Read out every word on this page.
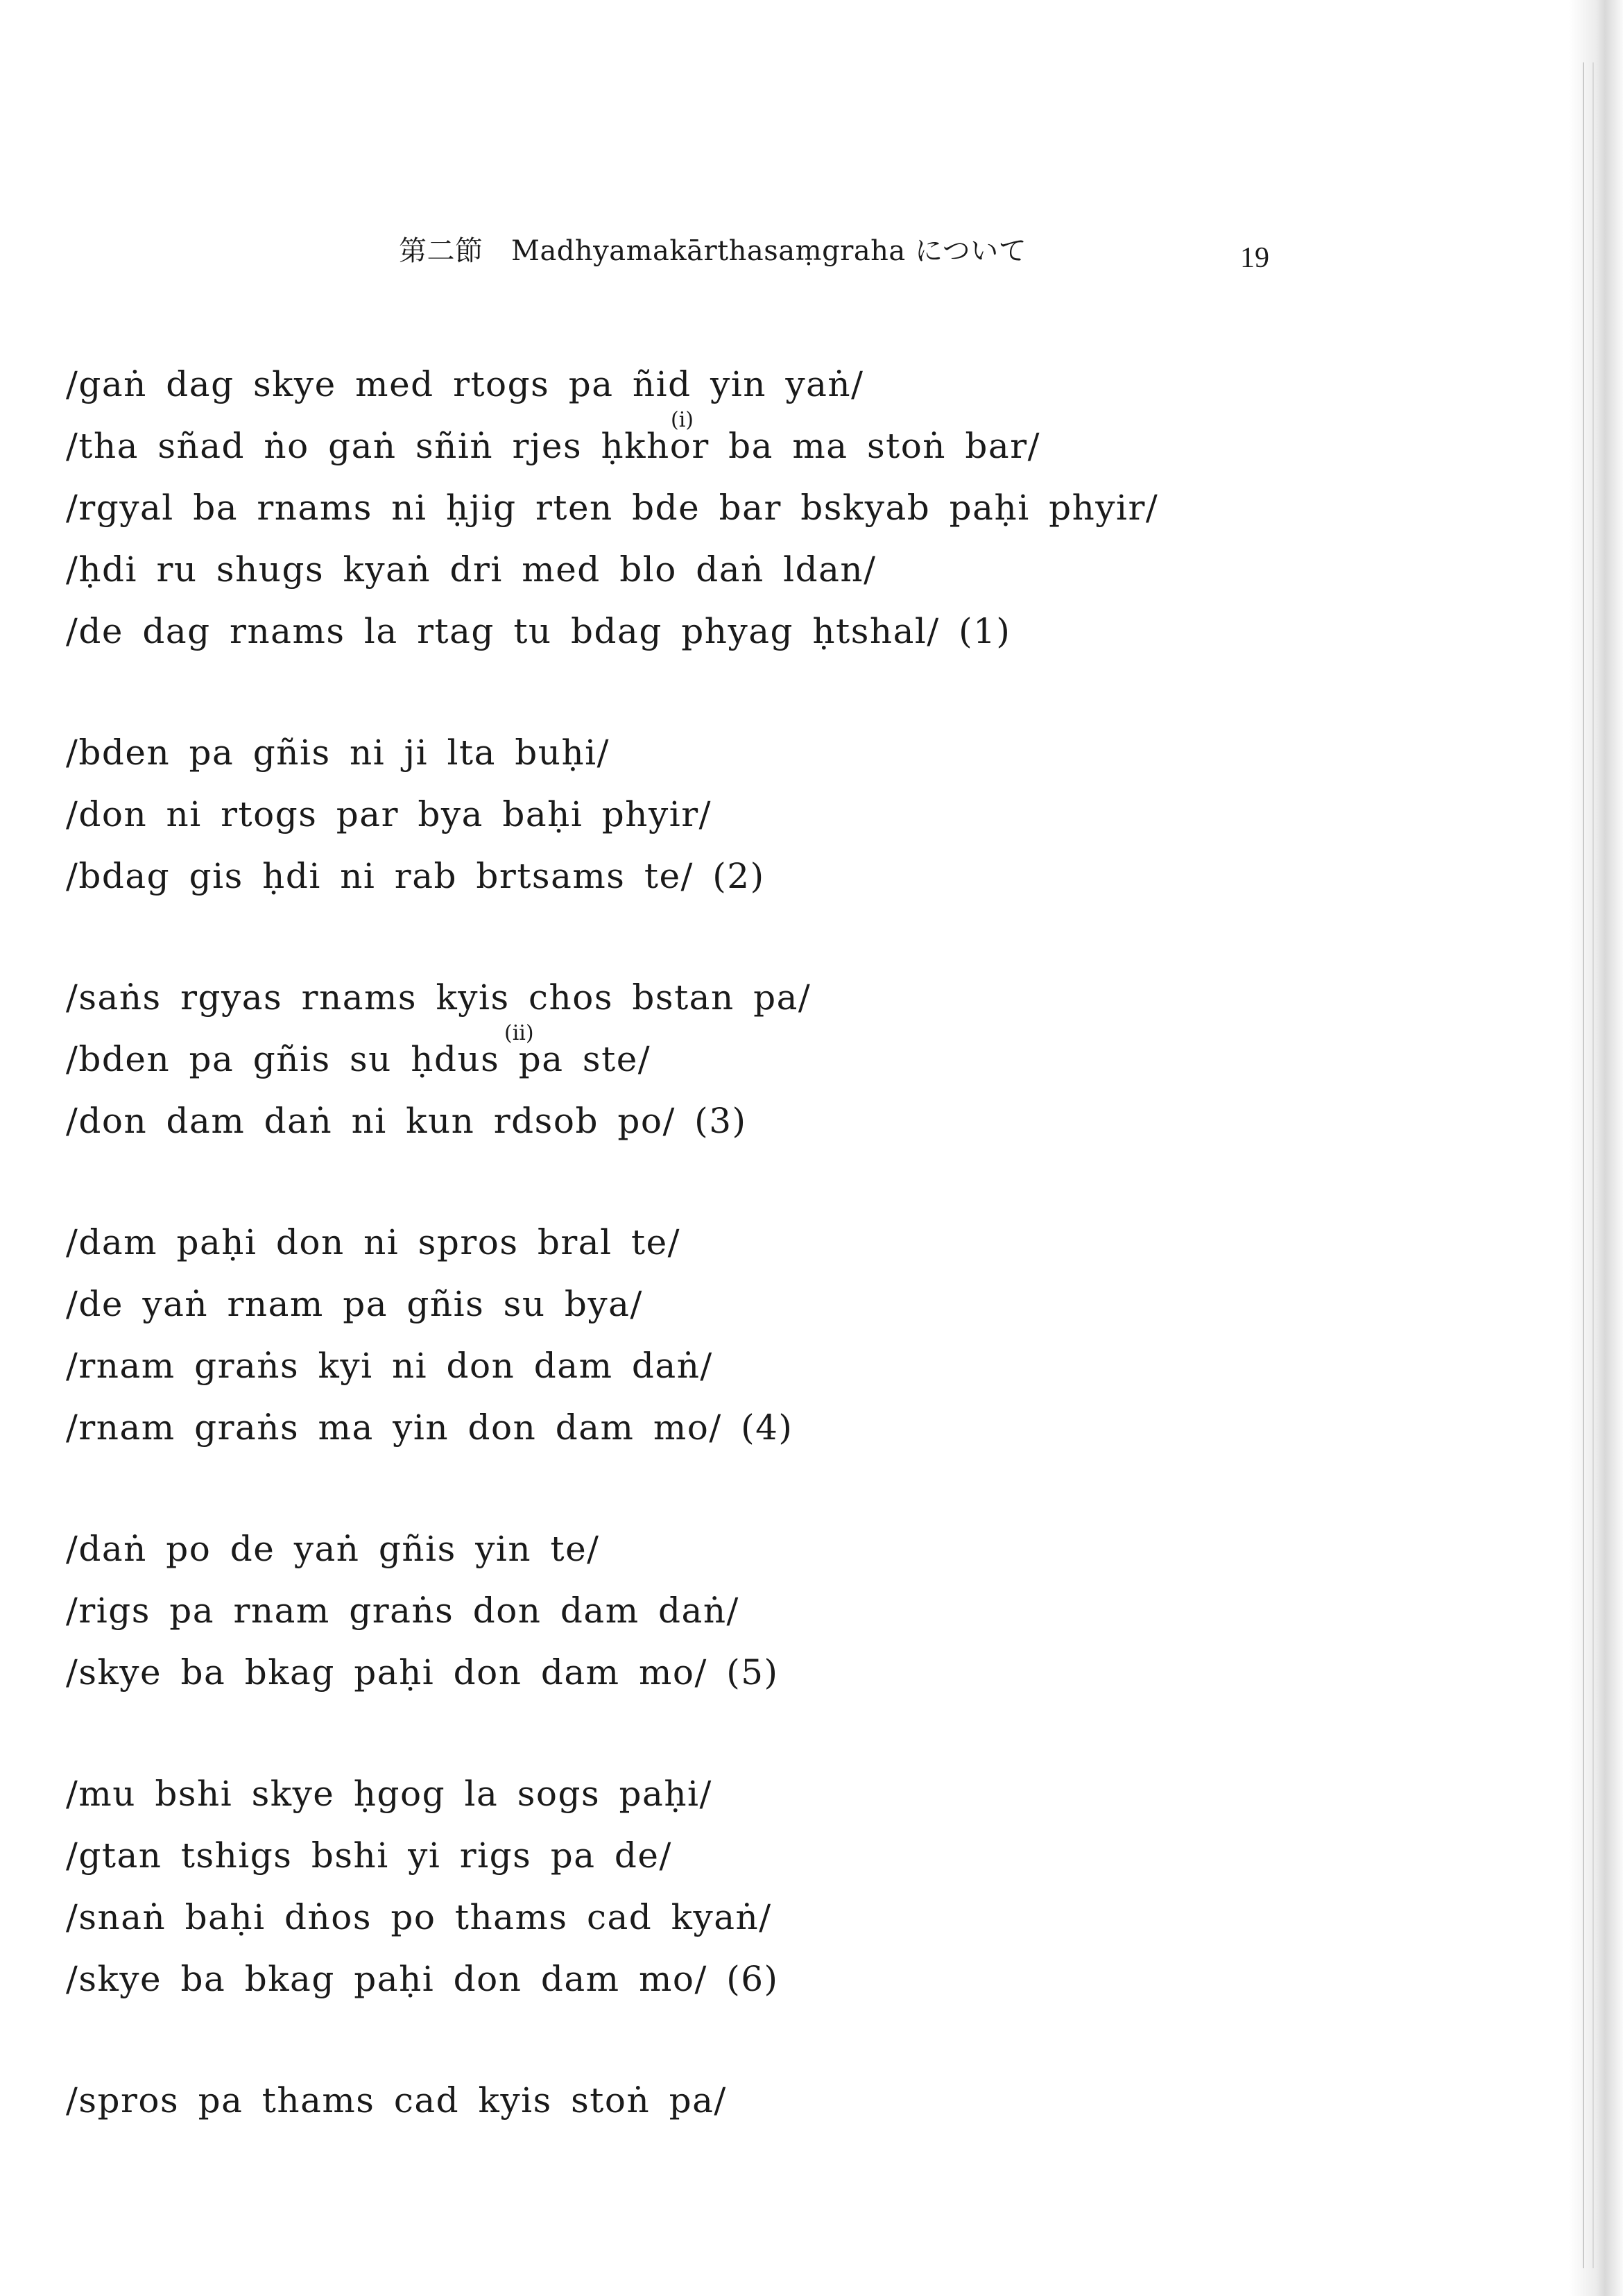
第二節　Madhyamakārthasaṃgraha について	19
/gaṅ dag skye med rtogs pa ñid yin yaṅ/
/tha sñad ṅo gaṅ sñiṅ rjes ḥkhor ba ma stoṅ bar/
(i)
/rgyal ba rnams ni ḥjig rten bde bar bskyab paḥi phyir/
/ḥdi ru shugs kyaṅ dri med blo daṅ ldan/
/de dag rnams la rtag tu bdag phyag ḥtshal/ (1)
/bden pa gñis ni ji lta buḥi/
/don ni rtogs par bya baḥi phyir/
/bdag gis ḥdi ni rab brtsams te/ (2)
/saṅs rgyas rnams kyis chos bstan pa/
/bden pa gñis su ḥdus pa ste/
(ii)
/don dam daṅ ni kun rdsob po/ (3)
/dam paḥi don ni spros bral te/
/de yaṅ rnam pa gñis su bya/
/rnam graṅs kyi ni don dam daṅ/
/rnam graṅs ma yin don dam mo/ (4)
/daṅ po de yaṅ gñis yin te/
/rigs pa rnam graṅs don dam daṅ/
/skye ba bkag paḥi don dam mo/ (5)
/mu bshi skye ḥgog la sogs paḥi/
/gtan tshigs bshi yi rigs pa de/
/snaṅ baḥi dṅos po thams cad kyaṅ/
/skye ba bkag paḥi don dam mo/ (6)
/spros pa thams cad kyis stoṅ pa/
